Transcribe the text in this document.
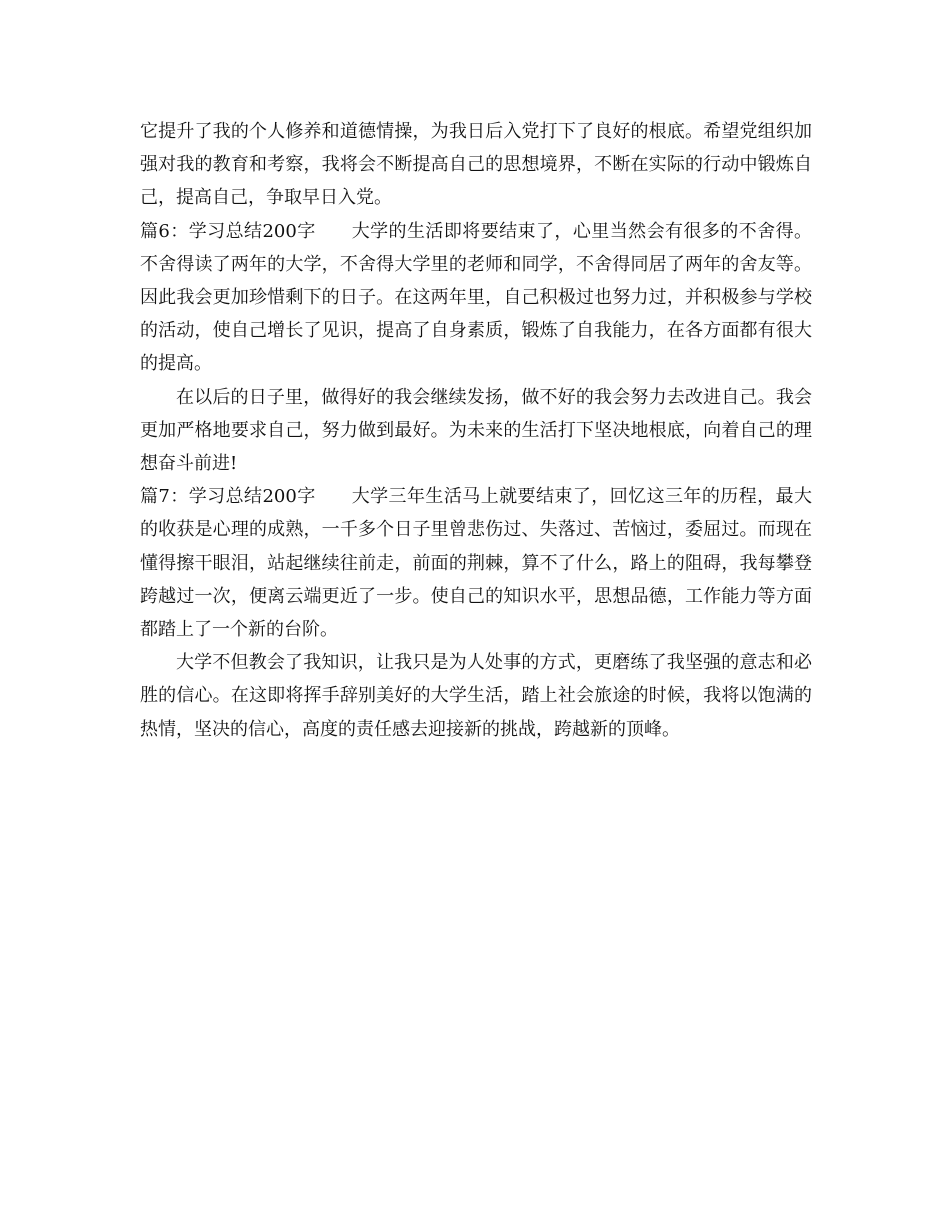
它提升了我的个人修养和道德情操，为我日后入党打下了良好的根底。希望党组织加强对我的教育和考察，我将会不断提高自己的思想境界，不断在实际的行动中锻炼自己，提高自己，争取早日入党。

篇6：学习总结200字 大学的生活即将要结束了，心里当然会有很多的不舍得。不舍得读了两年的大学，不舍得大学里的老师和同学，不舍得同居了两年的舍友等。因此我会更加珍惜剩下的日子。在这两年里，自己积极过也努力过，并积极参与学校的活动，使自己增长了见识，提高了自身素质，锻炼了自我能力，在各方面都有很大的提高。

在以后的日子里，做得好的我会继续发扬，做不好的我会努力去改进自己。我会更加严格地要求自己，努力做到最好。为未来的生活打下坚决地根底，向着自己的理想奋斗前进!

篇7：学习总结200字 大学三年生活马上就要结束了，回忆这三年的历程，最大的收获是心理的成熟，一千多个日子里曾悲伤过、失落过、苦恼过，委屈过。而现在懂得擦干眼泪，站起继续往前走，前面的荆棘，算不了什么，路上的阻碍，我每攀登跨越过一次，便离云端更近了一步。使自己的知识水平，思想品德，工作能力等方面都踏上了一个新的台阶。

大学不但教会了我知识，让我只是为人处事的方式，更磨练了我坚强的意志和必胜的信心。在这即将挥手辞别美好的大学生活，踏上社会旅途的时候，我将以饱满的热情，坚决的信心，高度的责任感去迎接新的挑战，跨越新的顶峰。
